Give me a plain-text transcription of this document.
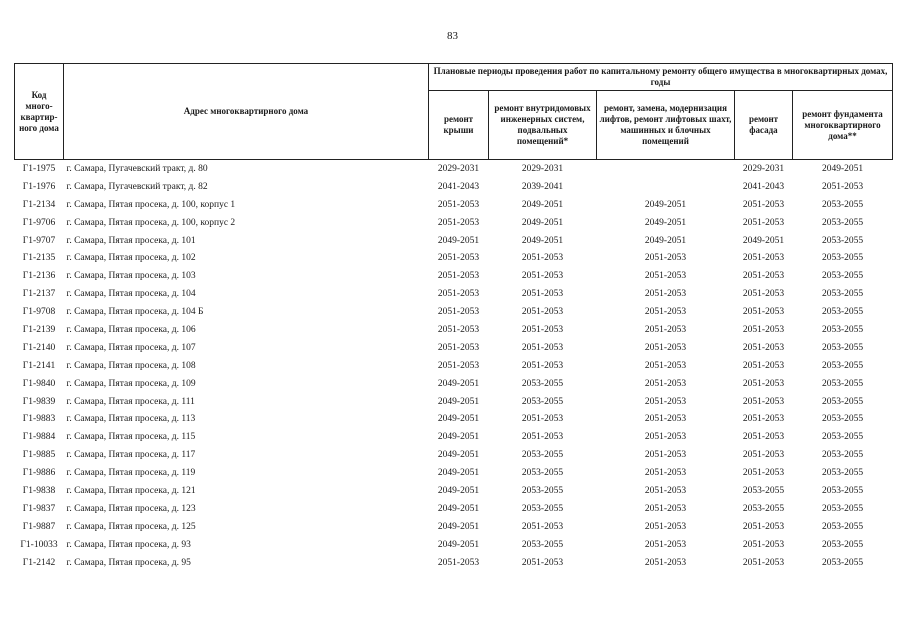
83
Код много-квартир-ного дома	Адрес многоквартирного дома	Плановые периоды проведения работ по капитальному ремонту общего имущества в многоквартирных домах, годы				
		ремонт крыши	ремонт внутридомовых инженерных систем, подвальных помещений*	ремонт, замена, модернизация лифтов, ремонт лифтовых шахт, машинных и блочных помещений	ремонт фасада	ремонт фундамента многоквартирного дома**
Г1-1975	г. Самара, Пугачевский тракт, д. 80	2029-2031	2029-2031		2029-2031	2049-2051
Г1-1976	г. Самара, Пугачевский тракт, д. 82	2041-2043	2039-2041		2041-2043	2051-2053
Г1-2134	г. Самара, Пятая просека, д. 100, корпус 1	2051-2053	2049-2051	2049-2051	2051-2053	2053-2055
Г1-9706	г. Самара, Пятая просека, д. 100, корпус 2	2051-2053	2049-2051	2049-2051	2051-2053	2053-2055
Г1-9707	г. Самара, Пятая просека, д. 101	2049-2051	2049-2051	2049-2051	2049-2051	2053-2055
Г1-2135	г. Самара, Пятая просека, д. 102	2051-2053	2051-2053	2051-2053	2051-2053	2053-2055
Г1-2136	г. Самара, Пятая просека, д. 103	2051-2053	2051-2053	2051-2053	2051-2053	2053-2055
Г1-2137	г. Самара, Пятая просека, д. 104	2051-2053	2051-2053	2051-2053	2051-2053	2053-2055
Г1-9708	г. Самара, Пятая просека, д. 104 Б	2051-2053	2051-2053	2051-2053	2051-2053	2053-2055
Г1-2139	г. Самара, Пятая просека, д. 106	2051-2053	2051-2053	2051-2053	2051-2053	2053-2055
Г1-2140	г. Самара, Пятая просека, д. 107	2051-2053	2051-2053	2051-2053	2051-2053	2053-2055
Г1-2141	г. Самара, Пятая просека, д. 108	2051-2053	2051-2053	2051-2053	2051-2053	2053-2055
Г1-9840	г. Самара, Пятая просека, д. 109	2049-2051	2053-2055	2051-2053	2051-2053	2053-2055
Г1-9839	г. Самара, Пятая просека, д. 111	2049-2051	2053-2055	2051-2053	2051-2053	2053-2055
Г1-9883	г. Самара, Пятая просека, д. 113	2049-2051	2051-2053	2051-2053	2051-2053	2053-2055
Г1-9884	г. Самара, Пятая просека, д. 115	2049-2051	2051-2053	2051-2053	2051-2053	2053-2055
Г1-9885	г. Самара, Пятая просека, д. 117	2049-2051	2053-2055	2051-2053	2051-2053	2053-2055
Г1-9886	г. Самара, Пятая просека, д. 119	2049-2051	2053-2055	2051-2053	2051-2053	2053-2055
Г1-9838	г. Самара, Пятая просека, д. 121	2049-2051	2053-2055	2051-2053	2053-2055	2053-2055
Г1-9837	г. Самара, Пятая просека, д. 123	2049-2051	2053-2055	2051-2053	2053-2055	2053-2055
Г1-9887	г. Самара, Пятая просека, д. 125	2049-2051	2051-2053	2051-2053	2051-2053	2053-2055
Г1-10033	г. Самара, Пятая просека, д. 93	2049-2051	2053-2055	2051-2053	2051-2053	2053-2055
Г1-2142	г. Самара, Пятая просека, д. 95	2051-2053	2051-2053	2051-2053	2051-2053	2053-2055
